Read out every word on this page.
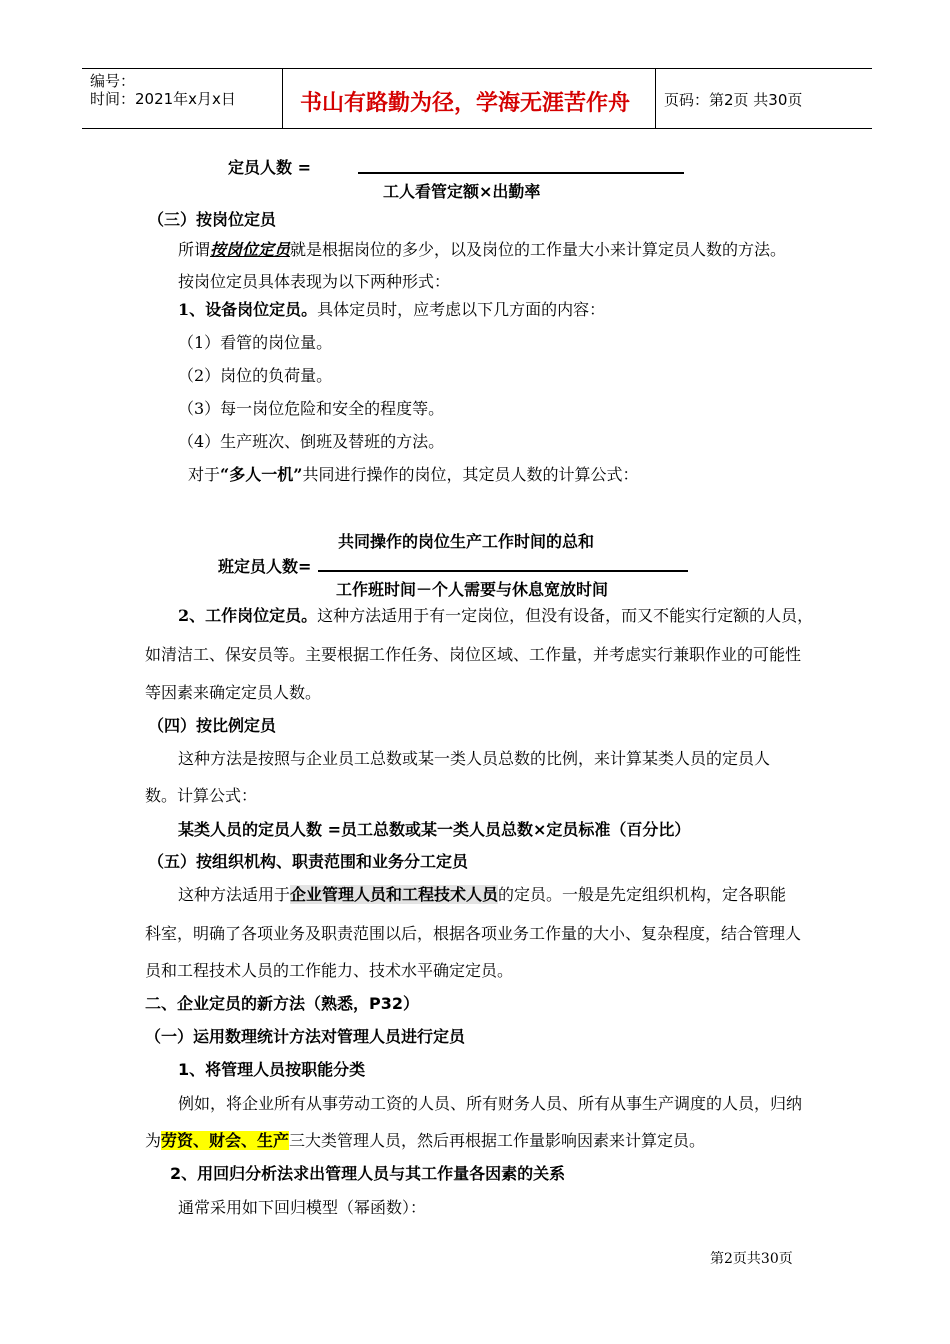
编号：
时间：2021年x月x日	书山有路勤为径，学海无涯苦作舟 页码：第2页 共30页
定员人数 =
工人看管定额×出勤率
（三）按岗位定员
所谓按岗位定员就是根据岗位的多少，以及岗位的工作量大小来计算定员人数的方法。
按岗位定员具体表现为以下两种形式：
1、设备岗位定员。具体定员时，应考虑以下几方面的内容：
（1）看管的岗位量。
（2）岗位的负荷量。
（3）每一岗位危险和安全的程度等。
（4）生产班次、倒班及替班的方法。
对于“多人一机”共同进行操作的岗位，其定员人数的计算公式：
共同操作的岗位生产工作时间的总和
班定员人数=
工作班时间－个人需要与休息宽放时间
2、工作岗位定员。这种方法适用于有一定岗位，但没有设备，而又不能实行定额的人员，
如清洁工、保安员等。主要根据工作任务、岗位区域、工作量，并考虑实行兼职作业的可能性
等因素来确定定员人数。
（四）按比例定员
这种方法是按照与企业员工总数或某一类人员总数的比例，来计算某类人员的定员人
数。计算公式：
某类人员的定员人数 =员工总数或某一类人员总数×定员标准（百分比）
（五）按组织机构、职责范围和业务分工定员
这种方法适用于企业管理人员和工程技术人员的定员。一般是先定组织机构，定各职能
科室，明确了各项业务及职责范围以后，根据各项业务工作量的大小、复杂程度，结合管理人
员和工程技术人员的工作能力、技术水平确定定员。
二、企业定员的新方法（熟悉，P32）
（一）运用数理统计方法对管理人员进行定员
1、将管理人员按职能分类
例如，将企业所有从事劳动工资的人员、所有财务人员、所有从事生产调度的人员，归纳
为劳资、财会、生产三大类管理人员，然后再根据工作量影响因素来计算定员。
2、用回归分析法求出管理人员与其工作量各因素的关系
通常采用如下回归模型（幂函数）：
第2页共30页
